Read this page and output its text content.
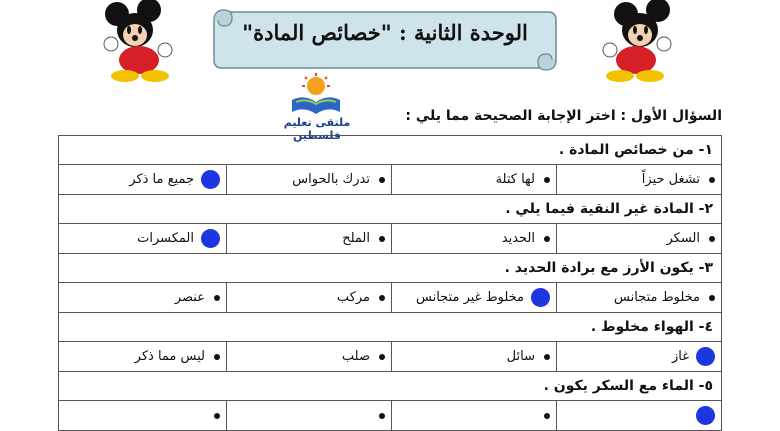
الوحدة الثانية : "خصائص المادة"
ملتقى تعليم فلسطين
السؤال الأول : اختر الإجابة الصحيحة مما يلي :
١- من خصائص المادة .
تشغل حيزاً
لها كتلة
تدرك بالحواس
جميع ما ذكر
٢- المادة غير النقية فيما يلي .
السكر
الحديد
الملح
المكسرات
٣- يكون الأرز مع برادة الحديد .
مخلوط متجانس
مخلوط غير متجانس
مركب
عنصر
٤- الهواء مخلوط .
غاز
سائل
صلب
ليس مما ذكر
٥- الماء مع السكر يكون .
